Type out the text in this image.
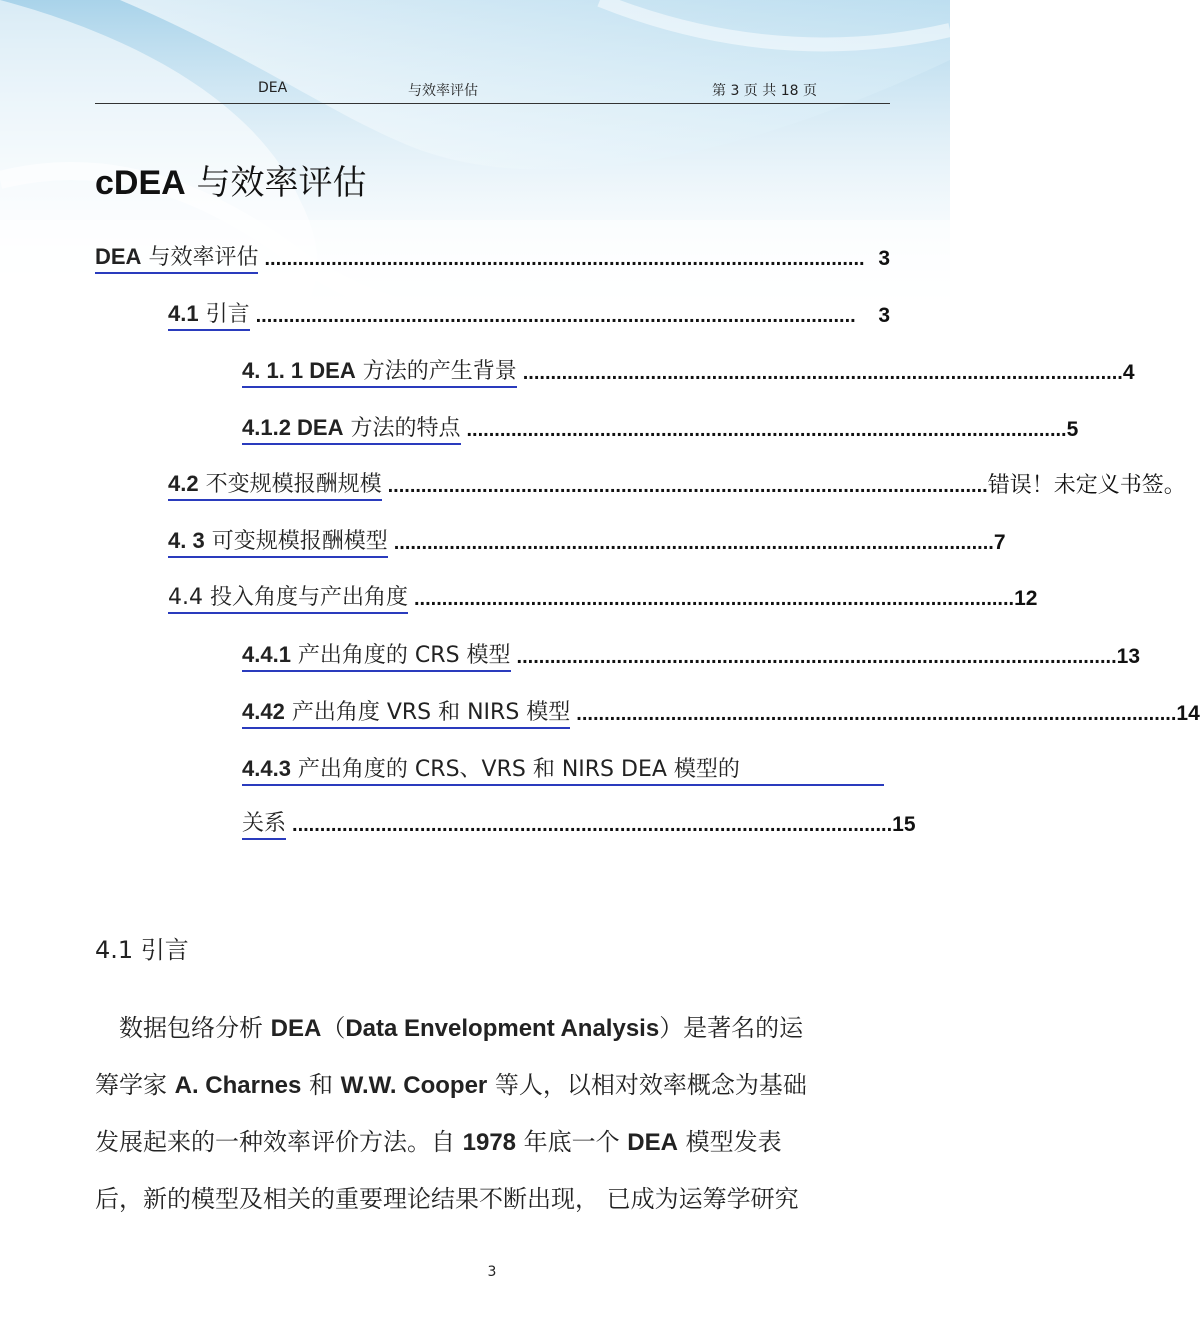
DEA	与效率评估	第 3 页 共 18 页
cDEA 与效率评估
DEA 与效率评估 ............................................................................................................ 3
4.1 引言 ............................................................................................................	3
4. 1. 1 DEA 方法的产生背景 ............................................................................................................ 4
4.1.2 DEA 方法的特点 ............................................................................................................ 5
4.2 不变规模报酬规模 ............................................................................................................ 错误！未定义书签。
4. 3 可变规模报酬模型 ............................................................................................................ 7
4.4 投入角度与产出角度 ............................................................................................................ 12
4.4.1 产出角度的 CRS 模型 ............................................................................................................ 13
4.42 产出角度 VRS 和 NIRS 模型 ............................................................................................................ 14
4.4.3 产出角度的 CRS、VRS 和 NIRS DEA 模型的
关系 ............................................................................................................ 15
4.1 引言
　数据包络分析 DEA（Data Envelopment Analysis）是著名的运
筹学家 A. Charnes 和 W.W. Cooper 等人，以相对效率概念为基础
发展起来的一种效率评价方法。自 1978 年底一个 DEA 模型发表
后，新的模型及相关的重要理论结果不断出现， 已成为运筹学研究
3
